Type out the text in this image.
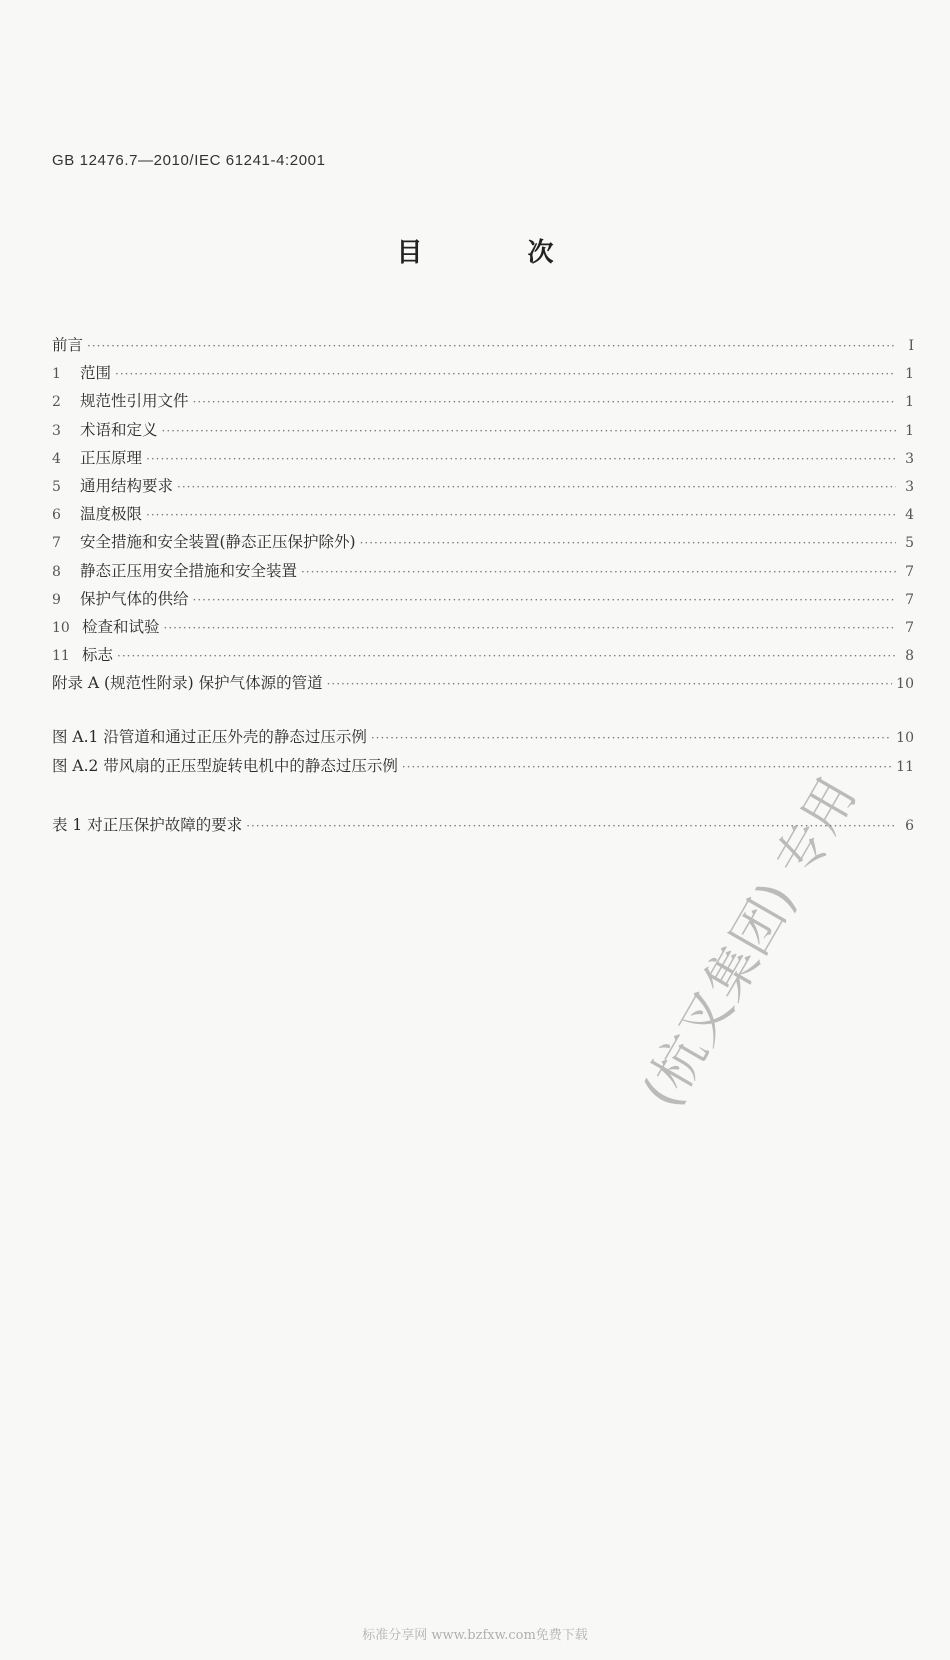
GB 12476.7—2010/IEC 61241-4:2001
目 次
前言 ·····	Ⅰ
1	范围 ·····	1
2	规范性引用文件 ·····	1
3	术语和定义 ·····	1
4	正压原理 ·····	3
5	通用结构要求 ·····	3
6	温度极限 ·····	4
7	安全措施和安全装置(静态正压保护除外) ·····	5
8	静态正压用安全措施和安全装置 ·····	7
9	保护气体的供给 ·····	7
10 检查和试验 ·····	7
11 标志 ·····	8
附录 A (规范性附录) 保护气体源的管道 ·····	10
图 A.1 沿管道和通过正压外壳的静态过压示例 ·····	10
图 A.2 带风扇的正压型旋转电机中的静态过压示例 ·····	11
表 1 对正压保护故障的要求 ·····	6
(杭叉集团) 专用
标准分享网 www.bzfxw.com免费下载
